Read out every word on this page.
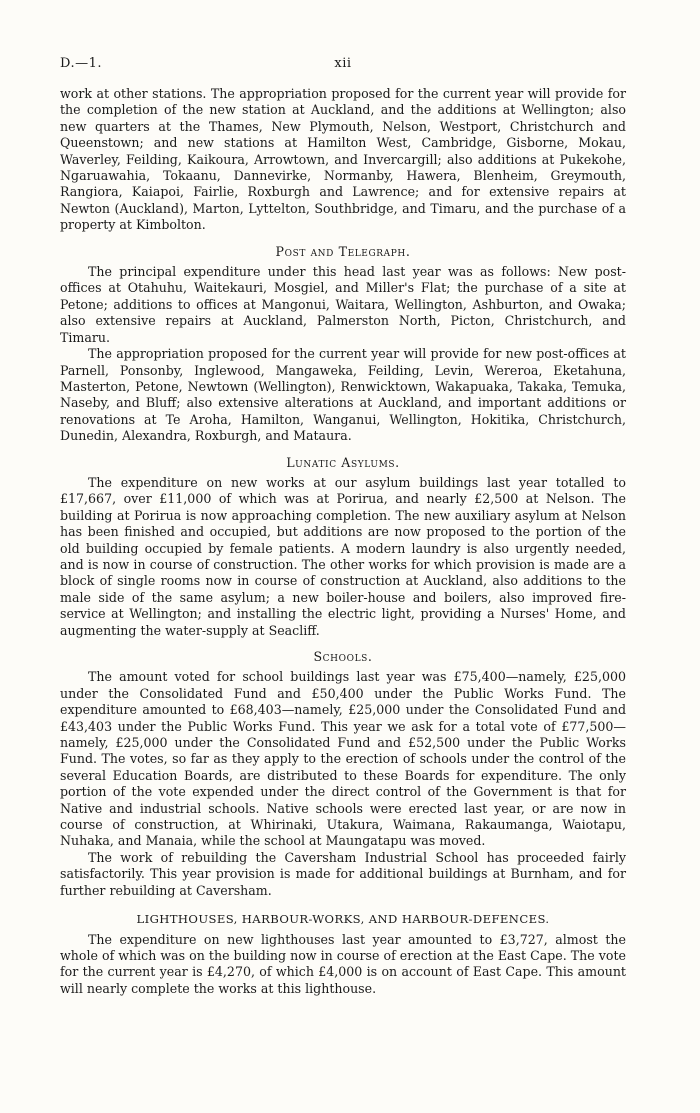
D.—1.	xii

work at other stations. The appropriation proposed for the current year will provide for the completion of the new station at Auckland, and the additions at Wellington; also new quarters at the Thames, New Plymouth, Nelson, Westport, Christchurch and Queenstown; and new stations at Hamilton West, Cambridge, Gisborne, Mokau, Waverley, Feilding, Kaikoura, Arrowtown, and Invercargill; also additions at Pukekohe, Ngaruawahia, Tokaanu, Dannevirke, Normanby, Hawera, Blenheim, Greymouth, Rangiora, Kaiapoi, Fairlie, Roxburgh and Lawrence; and for extensive repairs at Newton (Auckland), Marton, Lyttelton, Southbridge, and Timaru, and the purchase of a property at Kimbolton.

Post and Telegraph.

The principal expenditure under this head last year was as follows: New post-offices at Otahuhu, Waitekauri, Mosgiel, and Miller's Flat; the purchase of a site at Petone; additions to offices at Mangonui, Waitara, Wellington, Ashburton, and Owaka; also extensive repairs at Auckland, Palmerston North, Picton, Christchurch, and Timaru.

The appropriation proposed for the current year will provide for new post-offices at Parnell, Ponsonby, Inglewood, Mangaweka, Feilding, Levin, Wereroa, Eketahuna, Masterton, Petone, Newtown (Wellington), Renwicktown, Wakapuaka, Takaka, Temuka, Naseby, and Bluff; also extensive alterations at Auckland, and important additions or renovations at Te Aroha, Hamilton, Wanganui, Wellington, Hokitika, Christchurch, Dunedin, Alexandra, Roxburgh, and Mataura.

Lunatic Asylums.

The expenditure on new works at our asylum buildings last year totalled to £17,667, over £11,000 of which was at Porirua, and nearly £2,500 at Nelson. The building at Porirua is now approaching completion. The new auxiliary asylum at Nelson has been finished and occupied, but additions are now proposed to the portion of the old building occupied by female patients. A modern laundry is also urgently needed, and is now in course of construction. The other works for which provision is made are a block of single rooms now in course of construction at Auckland, also additions to the male side of the same asylum; a new boiler-house and boilers, also improved fire-service at Wellington; and installing the electric light, providing a Nurses' Home, and augmenting the water-supply at Seacliff.

Schools.

The amount voted for school buildings last year was £75,400—namely, £25,000 under the Consolidated Fund and £50,400 under the Public Works Fund. The expenditure amounted to £68,403—namely, £25,000 under the Consolidated Fund and £43,403 under the Public Works Fund. This year we ask for a total vote of £77,500—namely, £25,000 under the Consolidated Fund and £52,500 under the Public Works Fund. The votes, so far as they apply to the erection of schools under the control of the several Education Boards, are distributed to these Boards for expenditure. The only portion of the vote expended under the direct control of the Government is that for Native and industrial schools. Native schools were erected last year, or are now in course of construction, at Whirinaki, Utakura, Waimana, Rakaumanga, Waiotapu, Nuhaka, and Manaia, while the school at Maungatapu was moved.

The work of rebuilding the Caversham Industrial School has proceeded fairly satisfactorily. This year provision is made for additional buildings at Burnham, and for further rebuilding at Caversham.

LIGHTHOUSES, HARBOUR-WORKS, AND HARBOUR-DEFENCES.

The expenditure on new lighthouses last year amounted to £3,727, almost the whole of which was on the building now in course of erection at the East Cape. The vote for the current year is £4,270, of which £4,000 is on account of East Cape. This amount will nearly complete the works at this lighthouse.
